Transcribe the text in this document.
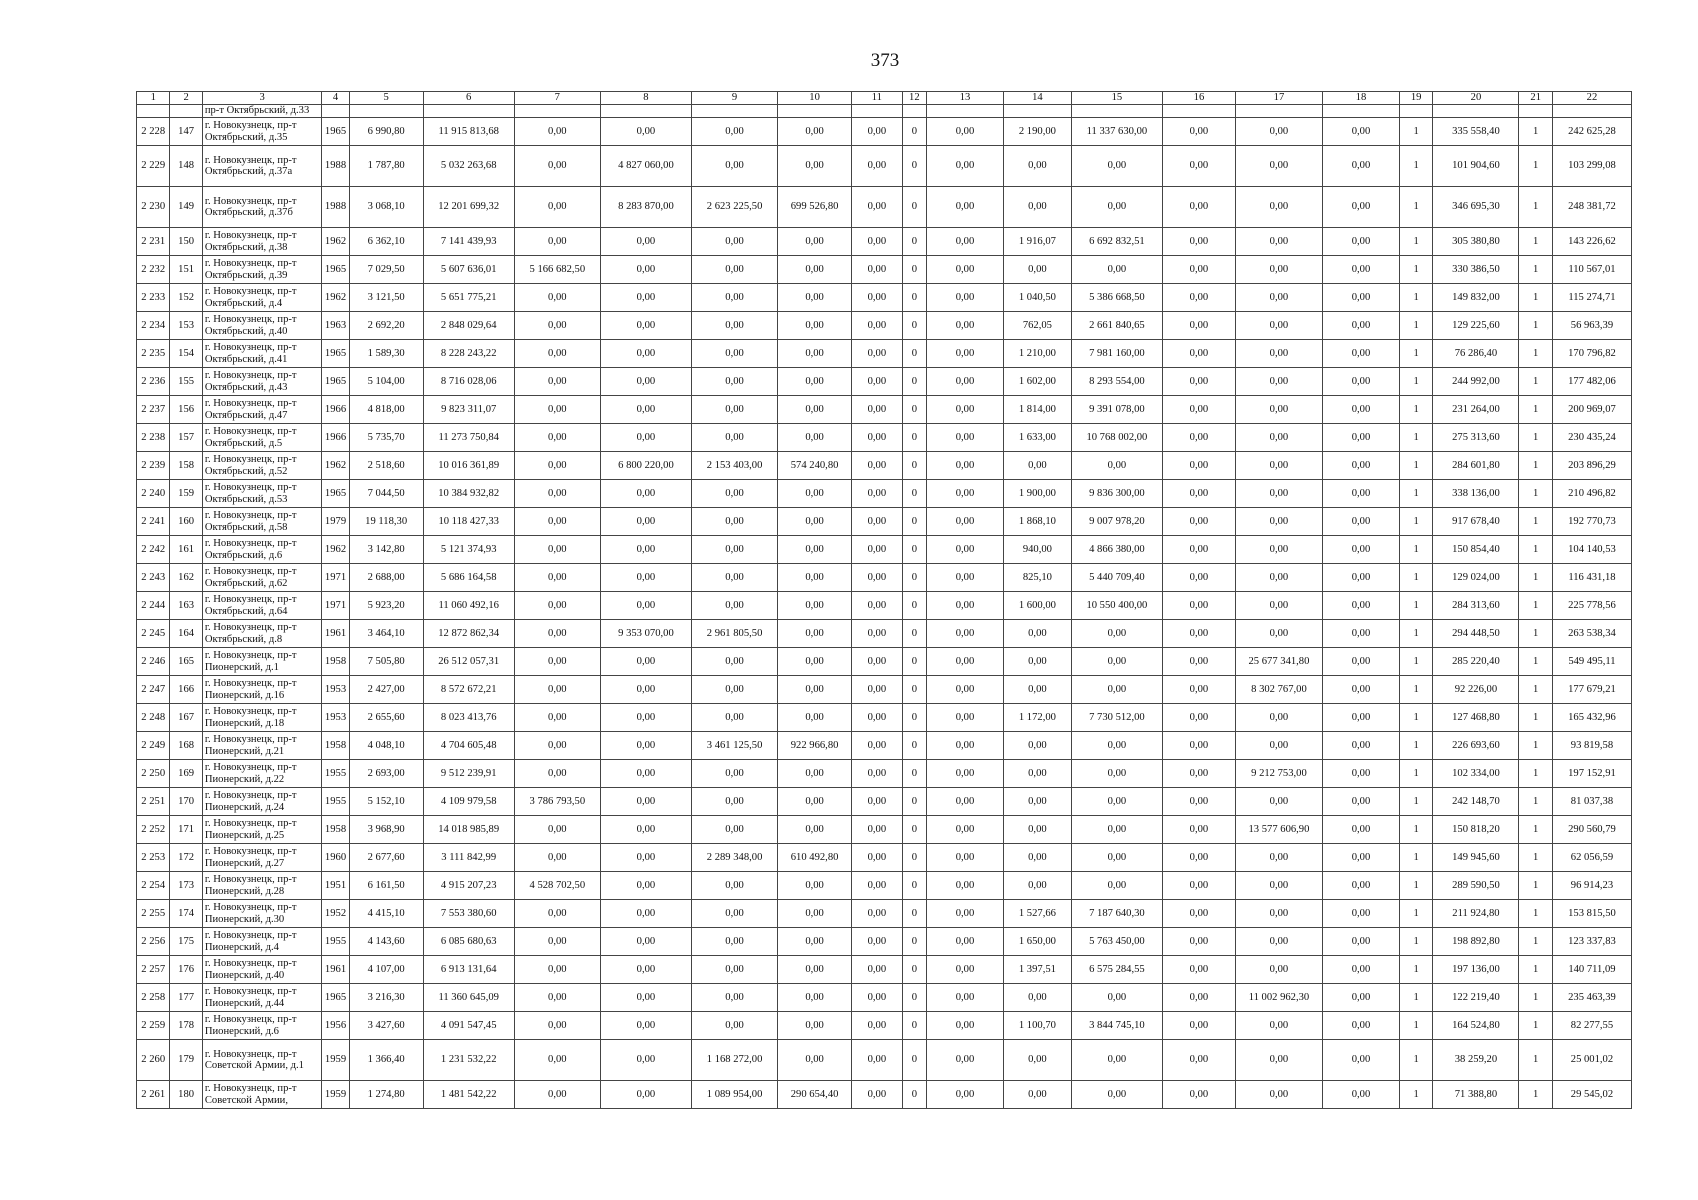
373
1	2	3	4	5	6	7	8	9	10	11	12	13	14	15	16	17	18	19	20	21	22
		пр-т Октябрьский, д.33																			
2 228	147	г. Новокузнецк, пр-т Октябрьский, д.35	1965	6 990,80	11 915 813,68	0,00	0,00	0,00	0,00	0,00	0	0,00	2 190,00	11 337 630,00	0,00	0,00	0,00	1	335 558,40	1	242 625,28
2 229	148	г. Новокузнецк, пр-т Октябрьский, д.37а	1988	1 787,80	5 032 263,68	0,00	4 827 060,00	0,00	0,00	0,00	0	0,00	0,00	0,00	0,00	0,00	0,00	1	101 904,60	1	103 299,08
2 230	149	г. Новокузнецк, пр-т Октябрьский, д.37б	1988	3 068,10	12 201 699,32	0,00	8 283 870,00	2 623 225,50	699 526,80	0,00	0	0,00	0,00	0,00	0,00	0,00	0,00	1	346 695,30	1	248 381,72
2 231	150	г. Новокузнецк, пр-т Октябрьский, д.38	1962	6 362,10	7 141 439,93	0,00	0,00	0,00	0,00	0,00	0	0,00	1 916,07	6 692 832,51	0,00	0,00	0,00	1	305 380,80	1	143 226,62
2 232	151	г. Новокузнецк, пр-т Октябрьский, д.39	1965	7 029,50	5 607 636,01	5 166 682,50	0,00	0,00	0,00	0,00	0	0,00	0,00	0,00	0,00	0,00	0,00	1	330 386,50	1	110 567,01
2 233	152	г. Новокузнецк, пр-т Октябрьский, д.4	1962	3 121,50	5 651 775,21	0,00	0,00	0,00	0,00	0,00	0	0,00	1 040,50	5 386 668,50	0,00	0,00	0,00	1	149 832,00	1	115 274,71
2 234	153	г. Новокузнецк, пр-т Октябрьский, д.40	1963	2 692,20	2 848 029,64	0,00	0,00	0,00	0,00	0,00	0	0,00	762,05	2 661 840,65	0,00	0,00	0,00	1	129 225,60	1	56 963,39
2 235	154	г. Новокузнецк, пр-т Октябрьский, д.41	1965	1 589,30	8 228 243,22	0,00	0,00	0,00	0,00	0,00	0	0,00	1 210,00	7 981 160,00	0,00	0,00	0,00	1	76 286,40	1	170 796,82
2 236	155	г. Новокузнецк, пр-т Октябрьский, д.43	1965	5 104,00	8 716 028,06	0,00	0,00	0,00	0,00	0,00	0	0,00	1 602,00	8 293 554,00	0,00	0,00	0,00	1	244 992,00	1	177 482,06
2 237	156	г. Новокузнецк, пр-т Октябрьский, д.47	1966	4 818,00	9 823 311,07	0,00	0,00	0,00	0,00	0,00	0	0,00	1 814,00	9 391 078,00	0,00	0,00	0,00	1	231 264,00	1	200 969,07
2 238	157	г. Новокузнецк, пр-т Октябрьский, д.5	1966	5 735,70	11 273 750,84	0,00	0,00	0,00	0,00	0,00	0	0,00	1 633,00	10 768 002,00	0,00	0,00	0,00	1	275 313,60	1	230 435,24
2 239	158	г. Новокузнецк, пр-т Октябрьский, д.52	1962	2 518,60	10 016 361,89	0,00	6 800 220,00	2 153 403,00	574 240,80	0,00	0	0,00	0,00	0,00	0,00	0,00	0,00	1	284 601,80	1	203 896,29
2 240	159	г. Новокузнецк, пр-т Октябрьский, д.53	1965	7 044,50	10 384 932,82	0,00	0,00	0,00	0,00	0,00	0	0,00	1 900,00	9 836 300,00	0,00	0,00	0,00	1	338 136,00	1	210 496,82
2 241	160	г. Новокузнецк, пр-т Октябрьский, д.58	1979	19 118,30	10 118 427,33	0,00	0,00	0,00	0,00	0,00	0	0,00	1 868,10	9 007 978,20	0,00	0,00	0,00	1	917 678,40	1	192 770,73
2 242	161	г. Новокузнецк, пр-т Октябрьский, д.6	1962	3 142,80	5 121 374,93	0,00	0,00	0,00	0,00	0,00	0	0,00	940,00	4 866 380,00	0,00	0,00	0,00	1	150 854,40	1	104 140,53
2 243	162	г. Новокузнецк, пр-т Октябрьский, д.62	1971	2 688,00	5 686 164,58	0,00	0,00	0,00	0,00	0,00	0	0,00	825,10	5 440 709,40	0,00	0,00	0,00	1	129 024,00	1	116 431,18
2 244	163	г. Новокузнецк, пр-т Октябрьский, д.64	1971	5 923,20	11 060 492,16	0,00	0,00	0,00	0,00	0,00	0	0,00	1 600,00	10 550 400,00	0,00	0,00	0,00	1	284 313,60	1	225 778,56
2 245	164	г. Новокузнецк, пр-т Октябрьский, д.8	1961	3 464,10	12 872 862,34	0,00	9 353 070,00	2 961 805,50	0,00	0,00	0	0,00	0,00	0,00	0,00	0,00	0,00	1	294 448,50	1	263 538,34
2 246	165	г. Новокузнецк, пр-т Пионерский, д.1	1958	7 505,80	26 512 057,31	0,00	0,00	0,00	0,00	0,00	0	0,00	0,00	0,00	0,00	25 677 341,80	0,00	1	285 220,40	1	549 495,11
2 247	166	г. Новокузнецк, пр-т Пионерский, д.16	1953	2 427,00	8 572 672,21	0,00	0,00	0,00	0,00	0,00	0	0,00	0,00	0,00	0,00	8 302 767,00	0,00	1	92 226,00	1	177 679,21
2 248	167	г. Новокузнецк, пр-т Пионерский, д.18	1953	2 655,60	8 023 413,76	0,00	0,00	0,00	0,00	0,00	0	0,00	1 172,00	7 730 512,00	0,00	0,00	0,00	1	127 468,80	1	165 432,96
2 249	168	г. Новокузнецк, пр-т Пионерский, д.21	1958	4 048,10	4 704 605,48	0,00	0,00	3 461 125,50	922 966,80	0,00	0	0,00	0,00	0,00	0,00	0,00	0,00	1	226 693,60	1	93 819,58
2 250	169	г. Новокузнецк, пр-т Пионерский, д.22	1955	2 693,00	9 512 239,91	0,00	0,00	0,00	0,00	0,00	0	0,00	0,00	0,00	0,00	9 212 753,00	0,00	1	102 334,00	1	197 152,91
2 251	170	г. Новокузнецк, пр-т Пионерский, д.24	1955	5 152,10	4 109 979,58	3 786 793,50	0,00	0,00	0,00	0,00	0	0,00	0,00	0,00	0,00	0,00	0,00	1	242 148,70	1	81 037,38
2 252	171	г. Новокузнецк, пр-т Пионерский, д.25	1958	3 968,90	14 018 985,89	0,00	0,00	0,00	0,00	0,00	0	0,00	0,00	0,00	0,00	13 577 606,90	0,00	1	150 818,20	1	290 560,79
2 253	172	г. Новокузнецк, пр-т Пионерский, д.27	1960	2 677,60	3 111 842,99	0,00	0,00	2 289 348,00	610 492,80	0,00	0	0,00	0,00	0,00	0,00	0,00	0,00	1	149 945,60	1	62 056,59
2 254	173	г. Новокузнецк, пр-т Пионерский, д.28	1951	6 161,50	4 915 207,23	4 528 702,50	0,00	0,00	0,00	0,00	0	0,00	0,00	0,00	0,00	0,00	0,00	1	289 590,50	1	96 914,23
2 255	174	г. Новокузнецк, пр-т Пионерский, д.30	1952	4 415,10	7 553 380,60	0,00	0,00	0,00	0,00	0,00	0	0,00	1 527,66	7 187 640,30	0,00	0,00	0,00	1	211 924,80	1	153 815,50
2 256	175	г. Новокузнецк, пр-т Пионерский, д.4	1955	4 143,60	6 085 680,63	0,00	0,00	0,00	0,00	0,00	0	0,00	1 650,00	5 763 450,00	0,00	0,00	0,00	1	198 892,80	1	123 337,83
2 257	176	г. Новокузнецк, пр-т Пионерский, д.40	1961	4 107,00	6 913 131,64	0,00	0,00	0,00	0,00	0,00	0	0,00	1 397,51	6 575 284,55	0,00	0,00	0,00	1	197 136,00	1	140 711,09
2 258	177	г. Новокузнецк, пр-т Пионерский, д.44	1965	3 216,30	11 360 645,09	0,00	0,00	0,00	0,00	0,00	0	0,00	0,00	0,00	0,00	11 002 962,30	0,00	1	122 219,40	1	235 463,39
2 259	178	г. Новокузнецк, пр-т Пионерский, д.6	1956	3 427,60	4 091 547,45	0,00	0,00	0,00	0,00	0,00	0	0,00	1 100,70	3 844 745,10	0,00	0,00	0,00	1	164 524,80	1	82 277,55
2 260	179	г. Новокузнецк, пр-т Советской Армии, д.1	1959	1 366,40	1 231 532,22	0,00	0,00	1 168 272,00	0,00	0,00	0	0,00	0,00	0,00	0,00	0,00	0,00	1	38 259,20	1	25 001,02
2 261	180	г. Новокузнецк, пр-т Советской Армии,	1959	1 274,80	1 481 542,22	0,00	0,00	1 089 954,00	290 654,40	0,00	0	0,00	0,00	0,00	0,00	0,00	0,00	1	71 388,80	1	29 545,02
